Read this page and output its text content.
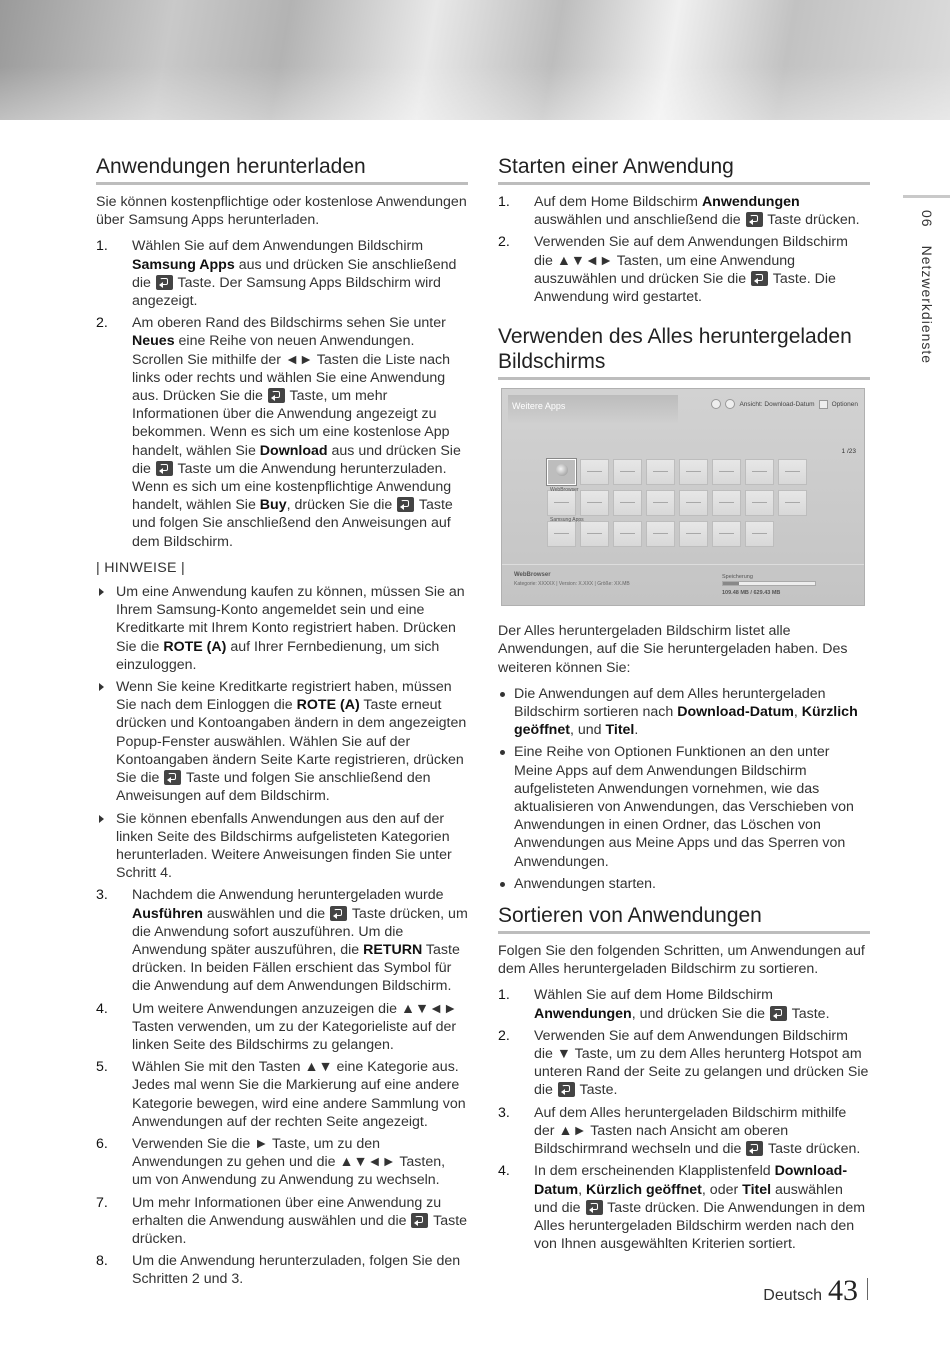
Anwendungen herunterladen

Sie können kostenpflichtige oder kostenlose Anwendungen über Samsung Apps herunterladen.

1. Wählen Sie auf dem Anwendungen Bildschirm Samsung Apps aus und drücken Sie anschließend die  Taste. Der Samsung Apps Bildschirm wird angezeigt.
2. Am oberen Rand des Bildschirms sehen Sie unter Neues eine Reihe von neuen Anwendungen. Scrollen Sie mithilfe der ◄► Tasten die Liste nach links oder rechts und wählen Sie eine Anwendung aus. Drücken Sie die  Taste, um mehr Informationen über die Anwendung angezeigt zu bekommen. Wenn es sich um eine kostenlose App handelt, wählen Sie Download aus und drücken Sie die  Taste um die Anwendung herunterzuladen. Wenn es sich um eine kostenpflichtige Anwendung handelt, wählen Sie Buy, drücken Sie die  Taste und folgen Sie anschließend den Anweisungen auf dem Bildschirm.
| HINWEISE |
Um eine Anwendung kaufen zu können, müssen Sie an Ihrem Samsung-Konto angemeldet sein und eine Kreditkarte mit Ihrem Konto registriert haben. Drücken Sie die ROTE (A) auf Ihrer Fernbedienung, um sich einzuloggen.
Wenn Sie keine Kreditkarte registriert haben, müssen Sie nach dem Einloggen die ROTE (A) Taste erneut drücken und Kontoangaben ändern in dem angezeigten Popup-Fenster auswählen. Wählen Sie auf der Kontoangaben ändern Seite Karte registrieren, drücken Sie die  Taste und folgen Sie anschließend den Anweisungen auf dem Bildschirm.
Sie können ebenfalls Anwendungen aus den auf der linken Seite des Bildschirms aufgelisteten Kategorien herunterladen. Weitere Anweisungen finden Sie unter Schritt 4.
3. Nachdem die Anwendung heruntergeladen wurde Ausführen auswählen und die  Taste drücken, um die Anwendung sofort auszuführen. Um die Anwendung später auszuführen, die RETURN Taste drücken. In beiden Fällen erschient das Symbol für die Anwendung auf dem Anwendungen Bildschirm.
4. Um weitere Anwendungen anzuzeigen die ▲▼◄► Tasten verwenden, um zu der Kategorieliste auf der linken Seite des Bildschirms zu gelangen.
5. Wählen Sie mit den Tasten ▲▼ eine Kategorie aus. Jedes mal wenn Sie die Markierung auf eine andere Kategorie bewegen, wird eine andere Sammlung von Anwendungen auf der rechten Seite angezeigt.
6. Verwenden Sie die ► Taste, um zu den Anwendungen zu gehen und die ▲▼◄► Tasten, um von Anwendung zu Anwendung zu wechseln.
7. Um mehr Informationen über eine Anwendung zu erhalten die Anwendung auswählen und die  Taste drücken.
8. Um die Anwendung herunterzuladen, folgen Sie den Schritten 2 und 3.
Starten einer Anwendung
1. Auf dem Home Bildschirm Anwendungen auswählen und anschließend die  Taste drücken.
2. Verwenden Sie auf dem Anwendungen Bildschirm die ▲▼◄► Tasten, um eine Anwendung auszuwählen und drücken Sie die  Taste. Die Anwendung wird gestartet.
Verwenden des Alles heruntergeladen Bildschirms
Weitere Apps	Ansicht: Download-Datum	Optionen
1 /23
WebBrowser
Samsung Apps
WebBrowser
Kategorie: XXXXX | Version: X.XXX | Größe: XX.MB
Speicherung
109.48 MB / 629.43 MB

Der Alles heruntergeladen Bildschirm listet alle Anwendungen, auf die Sie heruntergeladen haben. Des weiteren können Sie:

Die Anwendungen auf dem Alles heruntergeladen Bildschirm sortieren nach Download-Datum, Kürzlich geöffnet, und Titel.
Eine Reihe von Optionen Funktionen an den unter Meine Apps auf dem Anwendungen Bildschirm aufgelisteten Anwendungen vornehmen, wie das aktualisieren von Anwendungen, das Verschieben von Anwendungen in einen Ordner, das Löschen von Anwendungen aus Meine Apps und das Sperren von Anwendungen.
Anwendungen starten.
Sortieren von Anwendungen

Folgen Sie den folgenden Schritten, um Anwendungen auf dem Alles heruntergeladen Bildschirm zu sortieren.

1. Wählen Sie auf dem Home Bildschirm Anwendungen, und drücken Sie die  Taste.
2. Verwenden Sie auf dem Anwendungen Bildschirm die ▼ Taste, um zu dem Alles herunterg Hotspot am unteren Rand der Seite zu gelangen und drücken Sie die  Taste.
3. Auf dem Alles heruntergeladen Bildschirm mithilfe der ▲► Tasten nach Ansicht am oberen Bildschirmrand wechseln und die  Taste drücken.
4. In dem erscheinenden Klapplistenfeld Download-Datum, Kürzlich geöffnet, oder Titel auswählen und die  Taste drücken. Die Anwendungen in dem Alles heruntergeladen Bildschirm werden nach den von Ihnen ausgewählten Kriterien sortiert.
06Netzwerkdienste
Deutsch 43
